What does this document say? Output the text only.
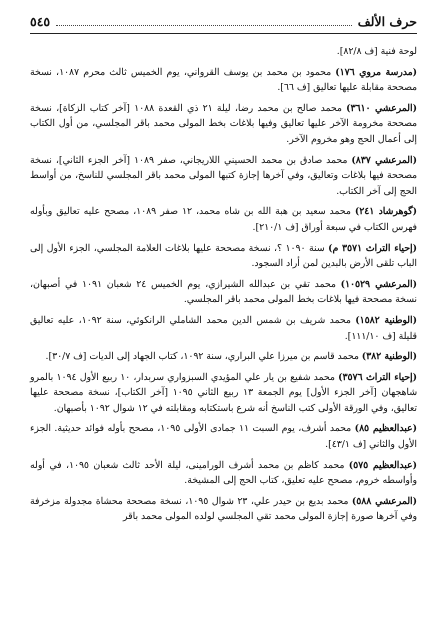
حرف الألف
٥٤٥

لوحة فنية [ف ٨٢/٨].

(مدرسة مروي ١٧٦) محمود بن محمد بن يوسف القرواني، يوم الخميس ثالث محرم ١٠٨٧، نسخة مصححة مقابلة عليها تعاليق [ف ٦٦].

(المرعشي ٣٦١٠) محمد صالح بن محمد رضا، ليلة ٢١ ذي القعدة ١٠٨٨ [آخر كتاب الزكاة]، نسخة مصححة مخرومة الآخر عليها تعاليق وفيها بلاغات بخط المولى محمد باقر المجلسي، من أول الكتاب إلى أعمال الحج وهو مخروم الآخر.

(المرعشي ٨٣٧) محمد صادق بن محمد الحسيني اللاريجاني، صفر ١٠٨٩ [آخر الجزء الثاني]، نسخة مصححة فيها بلاغات وتعاليق، وفي آخرها إجازة كتبها المولى محمد باقر المجلسي للناسخ، من أواسط الحج إلى آخر الكتاب.

(گوهرشاد ٢٤١) محمد سعيد بن هبة الله بن شاه محمد، ١٢ صفر ١٠٨٩، مصحح عليه تعاليق وبأوله فهرس الكتاب في سبعة أوراق [ف ٢١٠/١].

(إحياء التراث ٣٥٧١ م) سنة ١٠٩٠ ؟، نسخة مصححة عليها بلاغات العلامة المجلسي، الجزء الأول إلى الباب تلقى الأرض بالبدين لمن أراد السجود.

(المرعشي ١٠٥٢٩) محمد تقي بن عبدالله الشيرازي، يوم الخميس ٢٤ شعبان ١٠٩١ في أصبهان، نسخة مصححة فيها بلاغات بخط المولى محمد باقر المجلسي.

(الوطنية ١٥٨٢) محمد شريف بن شمس الدين محمد الشاملي الرانكوئي، سنة ١٠٩٢، عليه تعاليق قليلة [ف ١١١/١٠].

(الوطنية ٣٨٢) محمد قاسم بن ميرزا علي البراري، سنة ١٠٩٢، كتاب الجهاد إلى الديات [ف ٣٠/٧].

(إحياء التراث ٣٥٧٦) محمد شفيع بن يار علي المؤيدي السبزواري سربدار، ١٠ ربيع الأول ١٠٩٤ بالمرو شاهجهان [آخر الجزء الأول] يوم الجمعة ١٣ ربيع الثاني ١٠٩٥ [آخر الكتاب]، نسخة مصححة عليها تعاليق، وفي الورقة الأولى كتب الناسخ أنه شرع باستكتابه ومقابلته في ١٢ شوال ١٠٩٢ بأصبهان.

(عبدالعظيم ٨٥) محمد أشرف، يوم السبت ١١ جمادى الأولى ١٠٩٥، مصحح بأوله فوائد حديثية. الجزء الأول والثاني [ف ٤٣/١].

(عبدالعظيم ٥٧٥) محمد كاظم بن محمد أشرف الورامينى، ليلة الأحد ثالث شعبان ١٠٩٥، في أوله وأواسطه خروم، مصحح عليه تعليق، كتاب الحج إلى المشيخة.

(المرعشي ٥٨٨) محمد بديع بن حيدر علي، ٢٣ شوال ١٠٩٥، نسخة مصححة محشاة مجدولة مزخرفة وفي آخرها صورة إجازة المولى محمد تقي المجلسي لولده المولى محمد باقر
